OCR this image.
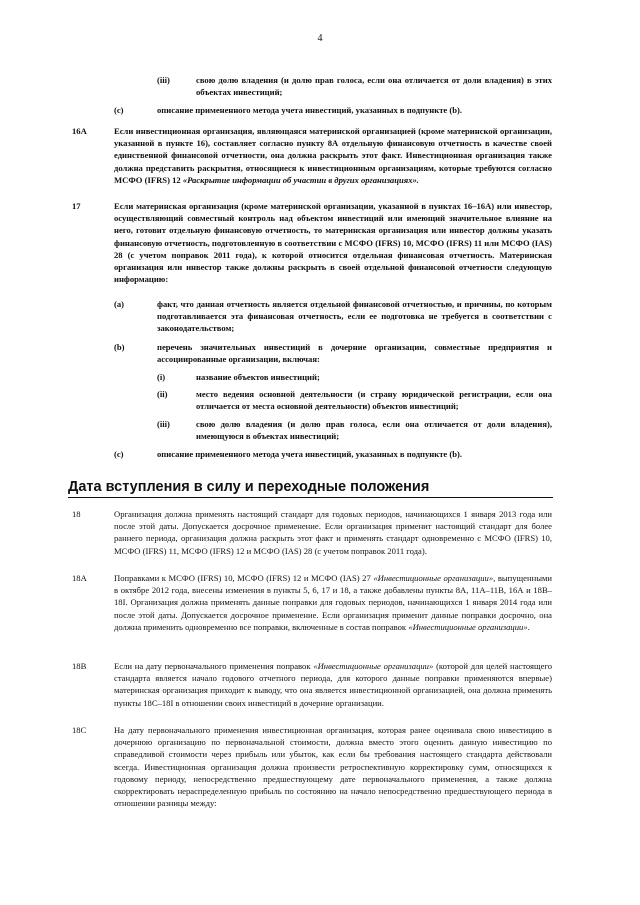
4
(iii)	свою долю владения (и долю прав голоса, если она отличается от доли владения) в этих объектах инвестиций;
(c)	описание примененного метода учета инвестиций, указанных в подпункте (b).
16A	Если инвестиционная организация, являющаяся материнской организацией (кроме материнской организации, указанной в пункте 16), составляет согласно пункту 8А отдельную финансовую отчетность в качестве своей единственной финансовой отчетности, она должна раскрыть этот факт. Инвестиционная организация также должна представить раскрытия, относящиеся к инвестиционным организациям, которые требуются согласно МСФО (IFRS) 12 «Раскрытие информации об участии в других организациях».
17	Если материнская организация (кроме материнской организации, указанной в пунктах 16–16А) или инвестор, осуществляющий совместный контроль над объектом инвестиций или имеющий значительное влияние на него, готовит отдельную финансовую отчетность, то материнская организация или инвестор должны указать финансовую отчетность, подготовленную в соответствии с МСФО (IFRS) 10, МСФО (IFRS) 11 или МСФО (IAS) 28 (с учетом поправок 2011 года), к которой относится отдельная финансовая отчетность. Материнская организация или инвестор также должны раскрыть в своей отдельной финансовой отчетности следующую информацию:
(a)	факт, что данная отчетность является отдельной финансовой отчетностью, и причины, по которым подготавливается эта финансовая отчетность, если ее подготовка не требуется в соответствии с законодательством;
(b)	перечень значительных инвестиций в дочерние организации, совместные предприятия и ассоциированные организации, включая:
(i)	название объектов инвестиций;
(ii)	место ведения основной деятельности (и страну юридической регистрации, если она отличается от места основной деятельности) объектов инвестиций;
(iii)	свою долю владения (и долю прав голоса, если она отличается от доли владения), имеющуюся в объектах инвестиций;
(c)	описание примененного метода учета инвестиций, указанных в подпункте (b).
Дата вступления в силу и переходные положения
18	Организация должна применять настоящий стандарт для годовых периодов, начинающихся 1 января 2013 года или после этой даты. Допускается досрочное применение. Если организация применит настоящий стандарт для более раннего периода, организация должна раскрыть этот факт и применять стандарт одновременно с МСФО (IFRS) 10, МСФО (IFRS) 11, МСФО (IFRS) 12 и МСФО (IAS) 28 (с учетом поправок 2011 года).
18A	Поправками к МСФО (IFRS) 10, МСФО (IFRS) 12 и МСФО (IAS) 27 «Инвестиционные организации», выпущенными в октябре 2012 года, внесены изменения в пункты 5, 6, 17 и 18, а также добавлены пункты 8А, 11А–11В, 16А и 18В–18I. Организация должна применять данные поправки для годовых периодов, начинающихся 1 января 2014 года или после этой даты. Допускается досрочное применение. Если организация применит данные поправки досрочно, она должна применить одновременно все поправки, включенные в состав поправок «Инвестиционные организации».
18B	Если на дату первоначального применения поправок «Инвестиционные организации» (которой для целей настоящего стандарта является начало годового отчетного периода, для которого данные поправки применяются впервые) материнская организация приходит к выводу, что она является инвестиционной организацией, она должна применять пункты 18С–18I в отношении своих инвестиций в дочерние организации.
18C	На дату первоначального применения инвестиционная организация, которая ранее оценивала свою инвестицию в дочернюю организацию по первоначальной стоимости, должна вместо этого оценить данную инвестицию по справедливой стоимости через прибыль или убыток, как если бы требования настоящего стандарта действовали всегда. Инвестиционная организация должна произвести ретроспективную корректировку сумм, относящихся к годовому периоду, непосредственно предшествующему дате первоначального применения, а также должна скорректировать нераспределенную прибыль по состоянию на начало непосредственно предшествующего периода в отношении разницы между:
